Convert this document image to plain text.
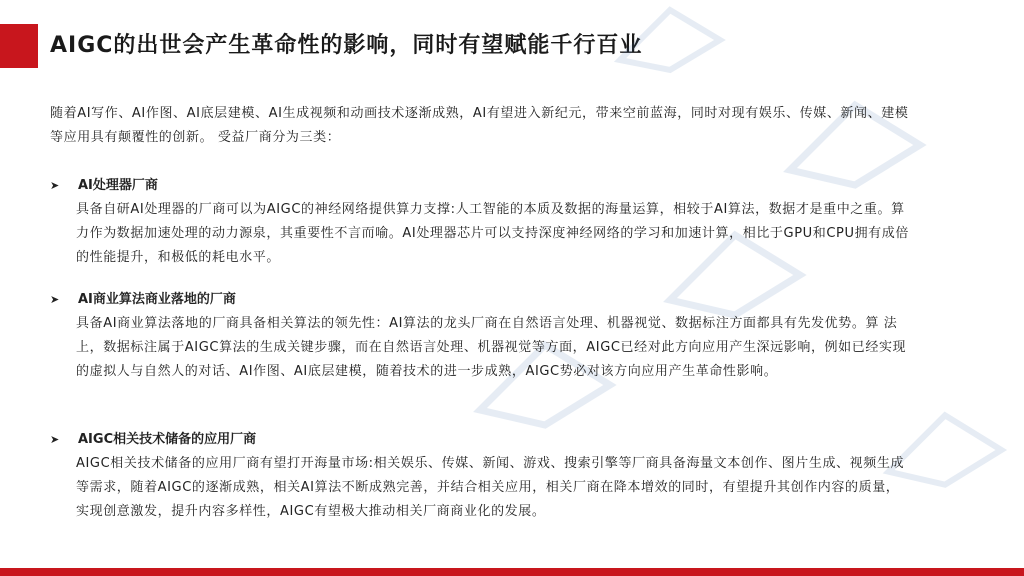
AIGC的出世会产生革命性的影响，同时有望赋能千行百业
随着AI写作、AI作图、AI底层建模、AI生成视频和动画技术逐渐成熟，AI有望进入新纪元，带来空前蓝海，同时对现有娱乐、传媒、新闻、建模等应用具有颠覆性的创新。 受益厂商分为三类：
➤	AI处理器厂商
具备自研AI处理器的厂商可以为AIGC的神经网络提供算力支撑:人工智能的本质及数据的海量运算，相较于AI算法，数据才是重中之重。算力作为数据加速处理的动力源泉，其重要性不言而喻。AI处理器芯片可以支持深度神经网络的学习和加速计算，相比于GPU和CPU拥有成倍的性能提升，和极低的耗电水平。
➤	AI商业算法商业落地的厂商
具备AI商业算法落地的厂商具备相关算法的领先性：AI算法的龙头厂商在自然语言处理、机器视觉、数据标注方面都具有先发优势。算 法上，数据标注属于AIGC算法的生成关键步骤，而在自然语言处理、机器视觉等方面，AIGC已经对此方向应用产生深远影响，例如已经实现的虚拟人与自然人的对话、AI作图、AI底层建模，随着技术的进一步成熟，AIGC势必对该方向应用产生革命性影响。
➤	AIGC相关技术储备的应用厂商
AIGC相关技术储备的应用厂商有望打开海量市场:相关娱乐、传媒、新闻、游戏、搜索引擎等厂商具备海量文本创作、图片生成、视频生成等需求，随着AIGC的逐渐成熟，相关AI算法不断成熟完善，并结合相关应用，相关厂商在降本增效的同时，有望提升其创作内容的质量，实现创意激发，提升内容多样性，AIGC有望极大推动相关厂商商业化的发展。
